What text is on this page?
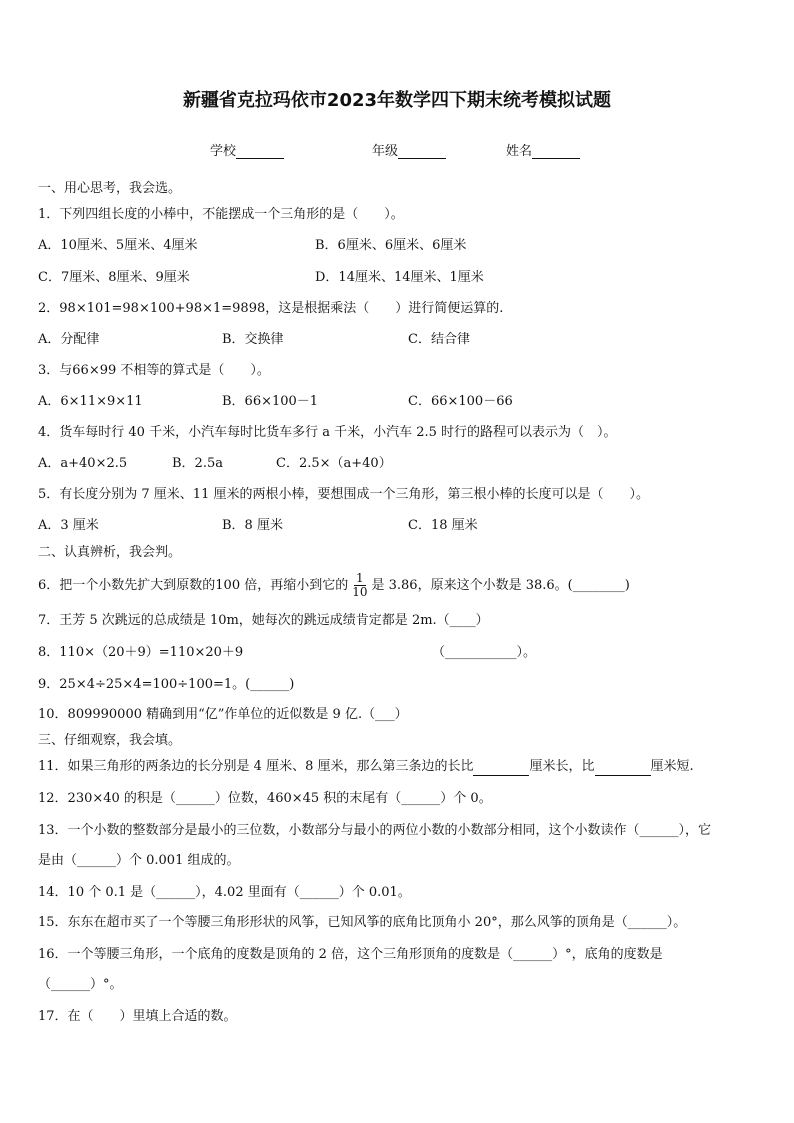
新疆省克拉玛依市2023年数学四下期末统考模拟试题
学校	年级	姓名
一、用心思考，我会选。
1．下列四组长度的小棒中，不能摆成一个三角形的是（　　）。
A．10厘米、5厘米、4厘米	B．6厘米、6厘米、6厘米
C．7厘米、8厘米、9厘米	D．14厘米、14厘米、1厘米
2．98×101=98×100+98×1=9898，这是根据乘法（　　）进行简便运算的.
A．分配律	B．交换律	C．结合律
3．与66×99 不相等的算式是（　　）。
A．6×11×9×11	B．66×100－1	C．66×100－66
4．货车每时行 40 千米，小汽车每时比货车多行 a 千米，小汽车 2.5 时行的路程可以表示为（　）。
A．a+40×2.5	B．2.5a	C．2.5×（a+40）
5．有长度分别为 7 厘米、11 厘米的两根小棒，要想围成一个三角形，第三根小棒的长度可以是（　　）。
A．3 厘米	B．8 厘米	C．18 厘米
二、认真辨析，我会判。
6．把一个小数先扩大到原数的100 倍，再缩小到它的 $\frac{1}{10}$ 是 3.86，原来这个小数是 38.6。(________)
7．王芳 5 次跳远的总成绩是 10m，她每次的跳远成绩肯定都是 2m.（____）
8．110×（20＋9）=110×20＋9	（___________）。
9．25×4÷25×4=100÷100=1。(______)
10．809990000 精确到用“亿”作单位的近似数是 9 亿.（___）
三、仔细观察，我会填。
11．如果三角形的两条边的长分别是 4 厘米、8 厘米，那么第三条边的长比	厘米长，比	厘米短.
12．230×40 的积是（______）位数，460×45 积的末尾有（______）个 0。
13．一个小数的整数部分是最小的三位数，小数部分与最小的两位小数的小数部分相同，这个小数读作（______），它
是由（______）个 0.001 组成的。
14．10 个 0.1 是（______），4.02 里面有（______）个 0.01。
15．东东在超市买了一个等腰三角形形状的风筝，已知风筝的底角比顶角小 20°，那么风筝的顶角是（______）。
16．一个等腰三角形，一个底角的度数是顶角的 2 倍，这个三角形顶角的度数是（______）°，底角的度数是
（______）°。
17．在（　　）里填上合适的数。
